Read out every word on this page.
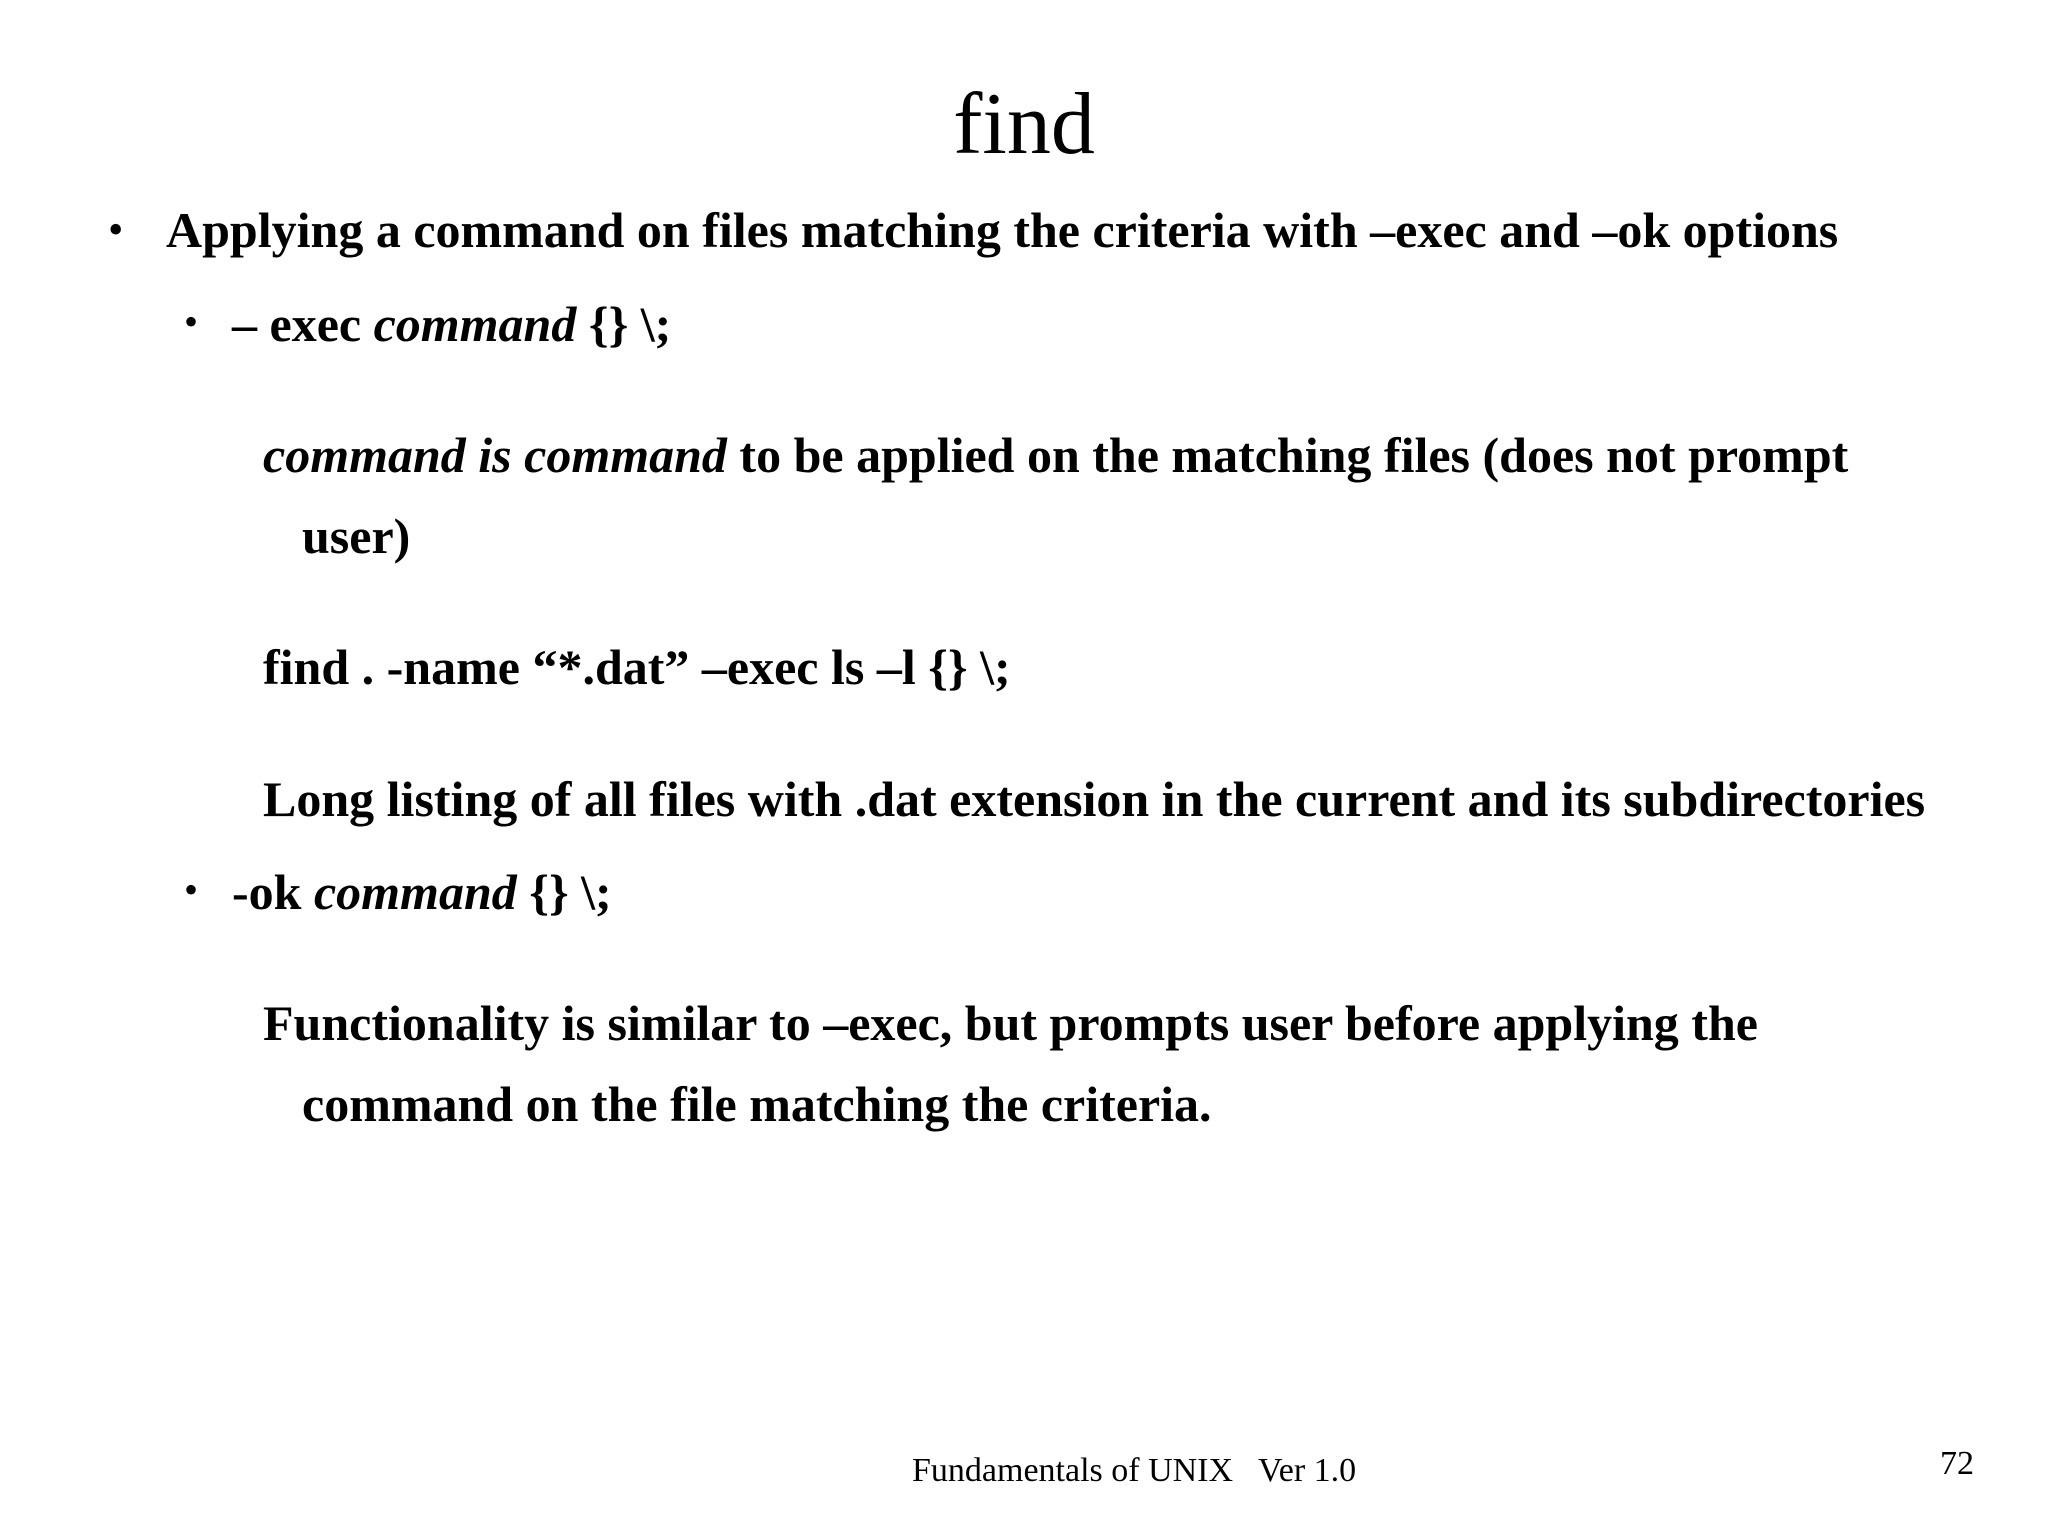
find
• Applying a command on files matching the criteria with –exec and –ok options
• – exec command {} \;
command is command to be applied on the matching files (does not prompt
user)
find . -name “*.dat” –exec ls –l {} \;
Long listing of all files with .dat extension in the current and its subdirectories
• -ok command {} \;
Functionality is similar to –exec, but prompts user before applying the
command on the file matching the criteria.
Fundamentals of UNIX   Ver 1.0	72
